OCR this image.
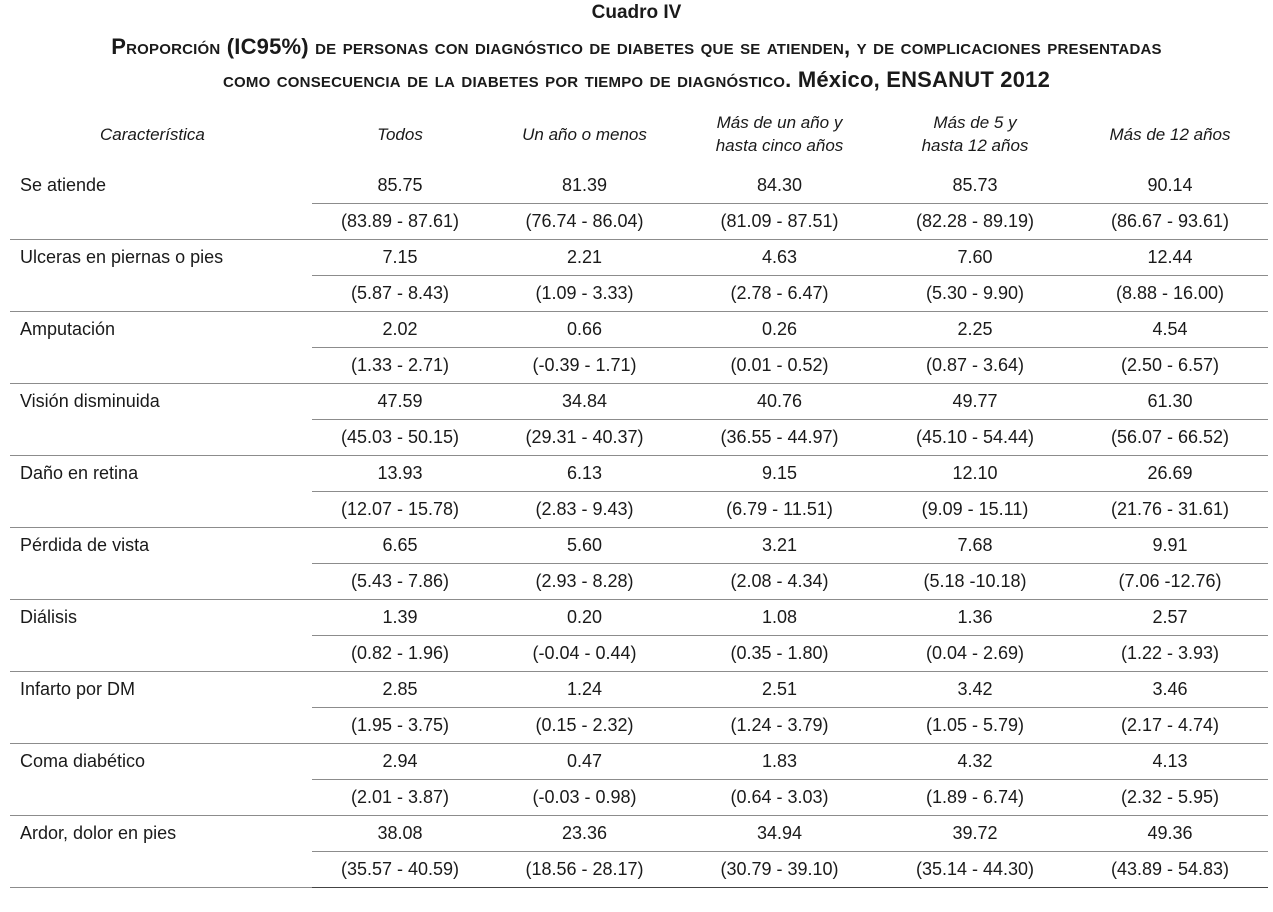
Cuadro IV
Proporción (IC95%) de personas con diagnóstico de diabetes que se atienden, y de complicaciones presentadas
como consecuencia de la diabetes por tiempo de diagnóstico. México, ENSANUT 2012
Característica	Todos	Un año o menos	Más de un año y hasta cinco años	Más de 5 y hasta 12 años	Más de 12 años
Se atiende	85.75	81.39	84.30	85.73	90.14
	(83.89 - 87.61)	(76.74 - 86.04)	(81.09 - 87.51)	(82.28 - 89.19)	(86.67 - 93.61)
Ulceras en piernas o pies	7.15	2.21	4.63	7.60	12.44
	(5.87 - 8.43)	(1.09 - 3.33)	(2.78 - 6.47)	(5.30 - 9.90)	(8.88 - 16.00)
Amputación	2.02	0.66	0.26	2.25	4.54
	(1.33 - 2.71)	(-0.39 - 1.71)	(0.01 - 0.52)	(0.87 - 3.64)	(2.50 - 6.57)
Visión disminuida	47.59	34.84	40.76	49.77	61.30
	(45.03 - 50.15)	(29.31 - 40.37)	(36.55 - 44.97)	(45.10 - 54.44)	(56.07 - 66.52)
Daño en retina	13.93	6.13	9.15	12.10	26.69
	(12.07 - 15.78)	(2.83 - 9.43)	(6.79 - 11.51)	(9.09 - 15.11)	(21.76 - 31.61)
Pérdida de vista	6.65	5.60	3.21	7.68	9.91
	(5.43 - 7.86)	(2.93 - 8.28)	(2.08 - 4.34)	(5.18 -10.18)	(7.06 -12.76)
Diálisis	1.39	0.20	1.08	1.36	2.57
	(0.82 - 1.96)	(-0.04 - 0.44)	(0.35 - 1.80)	(0.04 - 2.69)	(1.22 - 3.93)
Infarto por DM	2.85	1.24	2.51	3.42	3.46
	(1.95 - 3.75)	(0.15 - 2.32)	(1.24 - 3.79)	(1.05 - 5.79)	(2.17 - 4.74)
Coma diabético	2.94	0.47	1.83	4.32	4.13
	(2.01 - 3.87)	(-0.03 - 0.98)	(0.64 - 3.03)	(1.89 - 6.74)	(2.32 - 5.95)
Ardor, dolor en pies	38.08	23.36	34.94	39.72	49.36
	(35.57 - 40.59)	(18.56 - 28.17)	(30.79 - 39.10)	(35.14 - 44.30)	(43.89 - 54.83)
